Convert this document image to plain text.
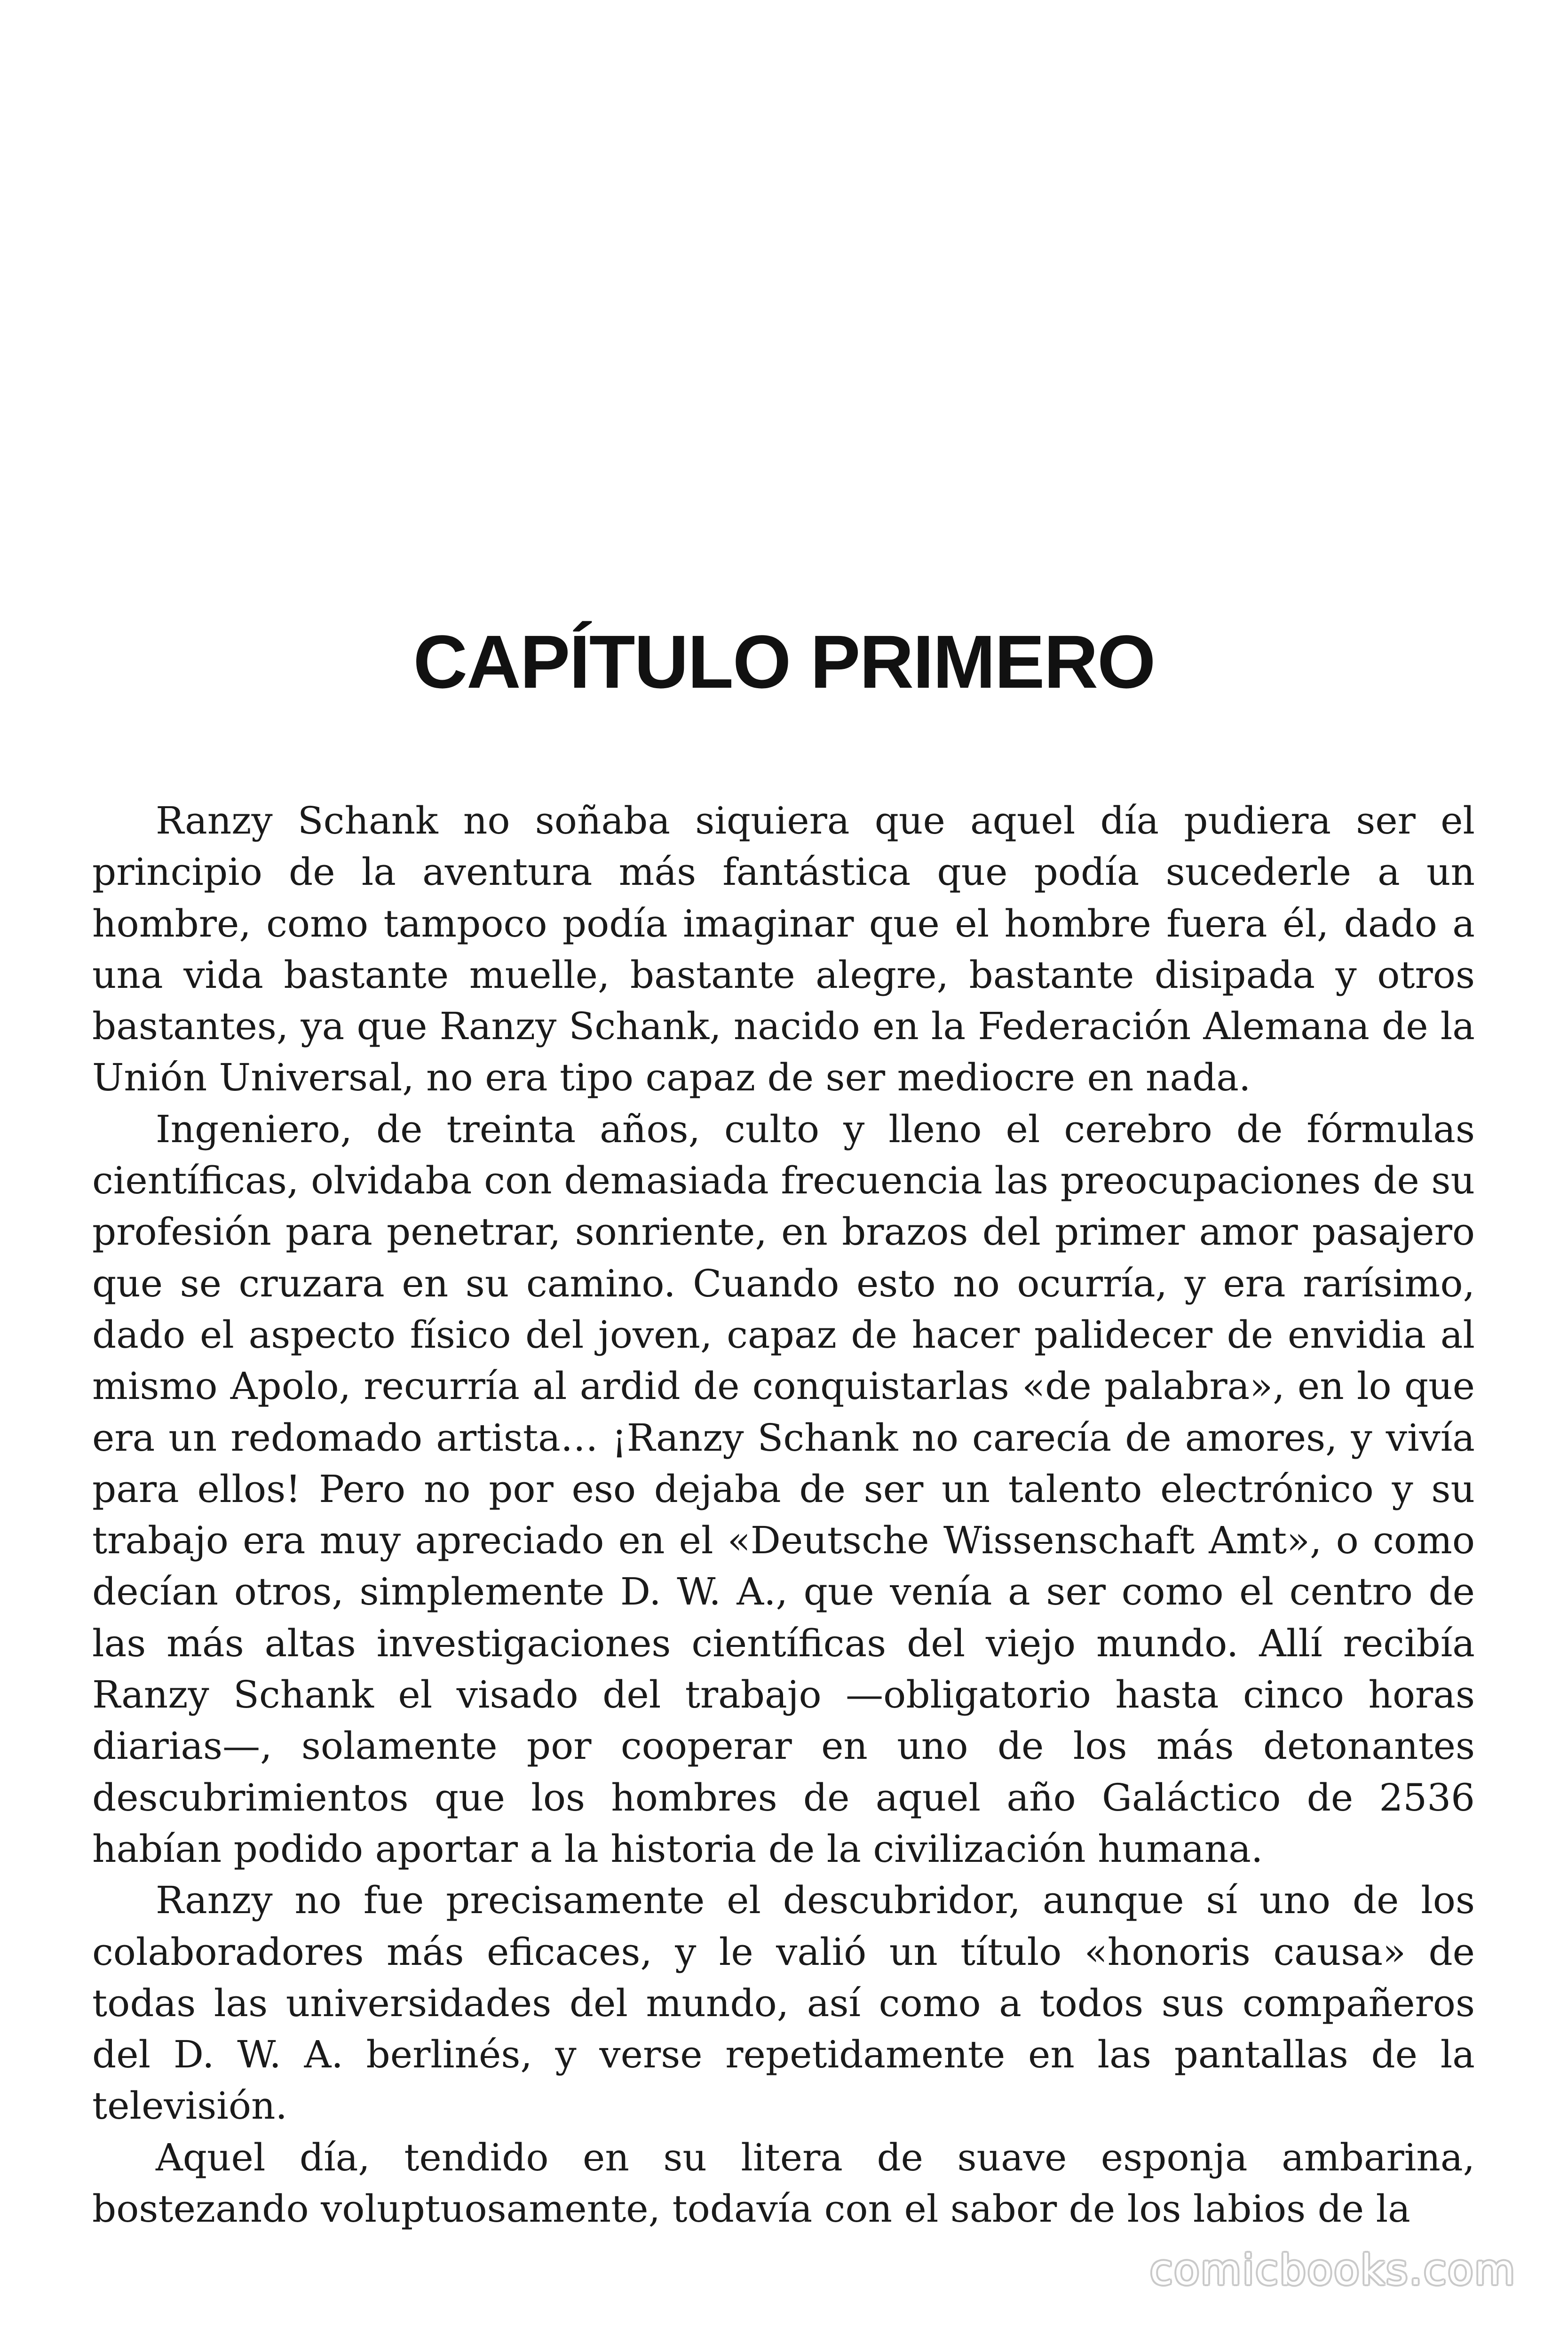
CAPÍTULO PRIMERO

Ranzy Schank no soñaba siquiera que aquel día pudiera ser el principio de la aventura más fantástica que podía sucederle a un hombre, como tampoco podía imaginar que el hombre fuera él, dado a una vida bastante muelle, bastante alegre, bastante disipada y otros bastantes, ya que Ranzy Schank, nacido en la Federación Alemana de la Unión Universal, no era tipo capaz de ser mediocre en nada.

Ingeniero, de treinta años, culto y lleno el cerebro de fórmulas científicas, olvidaba con demasiada frecuencia las preocupaciones de su profesión para penetrar, sonriente, en brazos del primer amor pasajero que se cruzara en su camino. Cuando esto no ocurría, y era rarísimo, dado el aspecto físico del joven, capaz de hacer palidecer de envidia al mismo Apolo, recurría al ardid de conquistarlas «de palabra», en lo que era un redomado artista… ¡Ranzy Schank no carecía de amores, y vivía para ellos! Pero no por eso dejaba de ser un talento electrónico y su trabajo era muy apreciado en el «Deutsche Wissenschaft Amt», o como decían otros, simplemente D. W. A., que venía a ser como el centro de las más altas investigaciones científicas del viejo mundo. Allí recibía Ranzy Schank el visado del trabajo —obligatorio hasta cinco horas diarias—, solamente por cooperar en uno de los más detonantes descubrimientos que los hombres de aquel año Galáctico de 2536 habían podido aportar a la historia de la civilización humana.

Ranzy no fue precisamente el descubridor, aunque sí uno de los colaboradores más eficaces, y le valió un título «honoris causa» de todas las universidades del mundo, así como a todos sus compañeros del D. W. A. berlinés, y verse repetidamente en las pantallas de la televisión.

Aquel día, tendido en su litera de suave esponja ambarina, bostezando voluptuosamente, todavía con el sabor de los labios de la

comicbooks.com
